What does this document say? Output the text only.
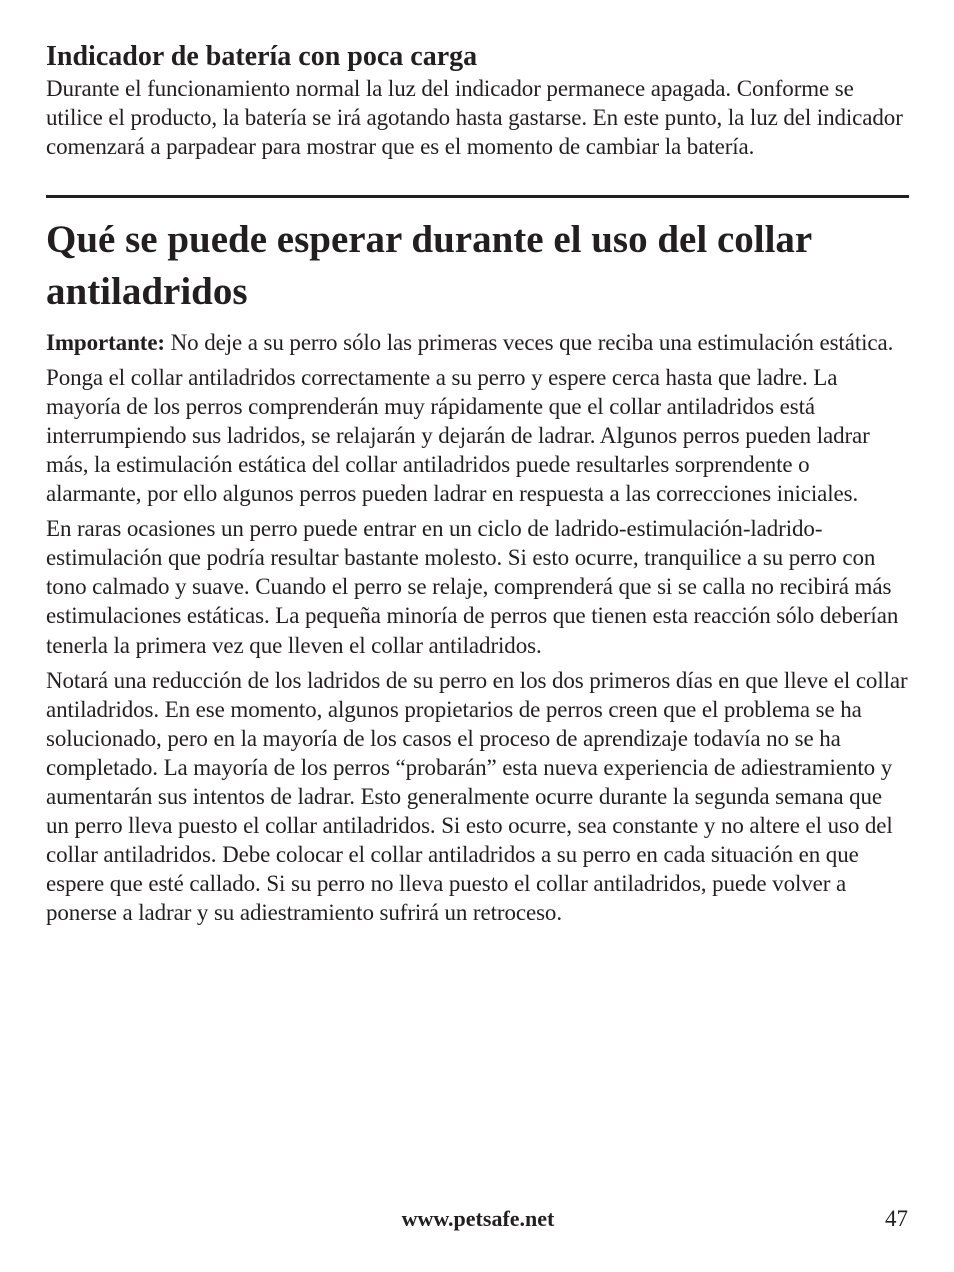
Indicador de batería con poca carga

Durante el funcionamiento normal la luz del indicador permanece apagada. Conforme se utilice el producto, la batería se irá agotando hasta gastarse. En este punto, la luz del indicador comenzará a parpadear para mostrar que es el momento de cambiar la batería.

Qué se puede esperar durante el uso del collar antiladridos

Importante: No deje a su perro sólo las primeras veces que reciba una estimulación estática.

Ponga el collar antiladridos correctamente a su perro y espere cerca hasta que ladre. La mayoría de los perros comprenderán muy rápidamente que el collar antiladridos está interrumpiendo sus ladridos, se relajarán y dejarán de ladrar. Algunos perros pueden ladrar más, la estimulación estática del collar antiladridos puede resultarles sorprendente o alarmante, por ello algunos perros pueden ladrar en respuesta a las correcciones iniciales.

En raras ocasiones un perro puede entrar en un ciclo de ladrido-estimulación-ladrido-estimulación que podría resultar bastante molesto. Si esto ocurre, tranquilice a su perro con tono calmado y suave. Cuando el perro se relaje, comprenderá que si se calla no recibirá más estimulaciones estáticas. La pequeña minoría de perros que tienen esta reacción sólo deberían tenerla la primera vez que lleven el collar antiladridos.

Notará una reducción de los ladridos de su perro en los dos primeros días en que lleve el collar antiladridos. En ese momento, algunos propietarios de perros creen que el problema se ha solucionado, pero en la mayoría de los casos el proceso de aprendizaje todavía no se ha completado. La mayoría de los perros “probarán” esta nueva experiencia de adiestramiento y aumentarán sus intentos de ladrar. Esto generalmente ocurre durante la segunda semana que un perro lleva puesto el collar antiladridos. Si esto ocurre, sea constante y no altere el uso del collar antiladridos. Debe colocar el collar antiladridos a su perro en cada situación en que espere que esté callado. Si su perro no lleva puesto el collar antiladridos, puede volver a ponerse a ladrar y su adiestramiento sufrirá un retroceso.

www.petsafe.net	47
